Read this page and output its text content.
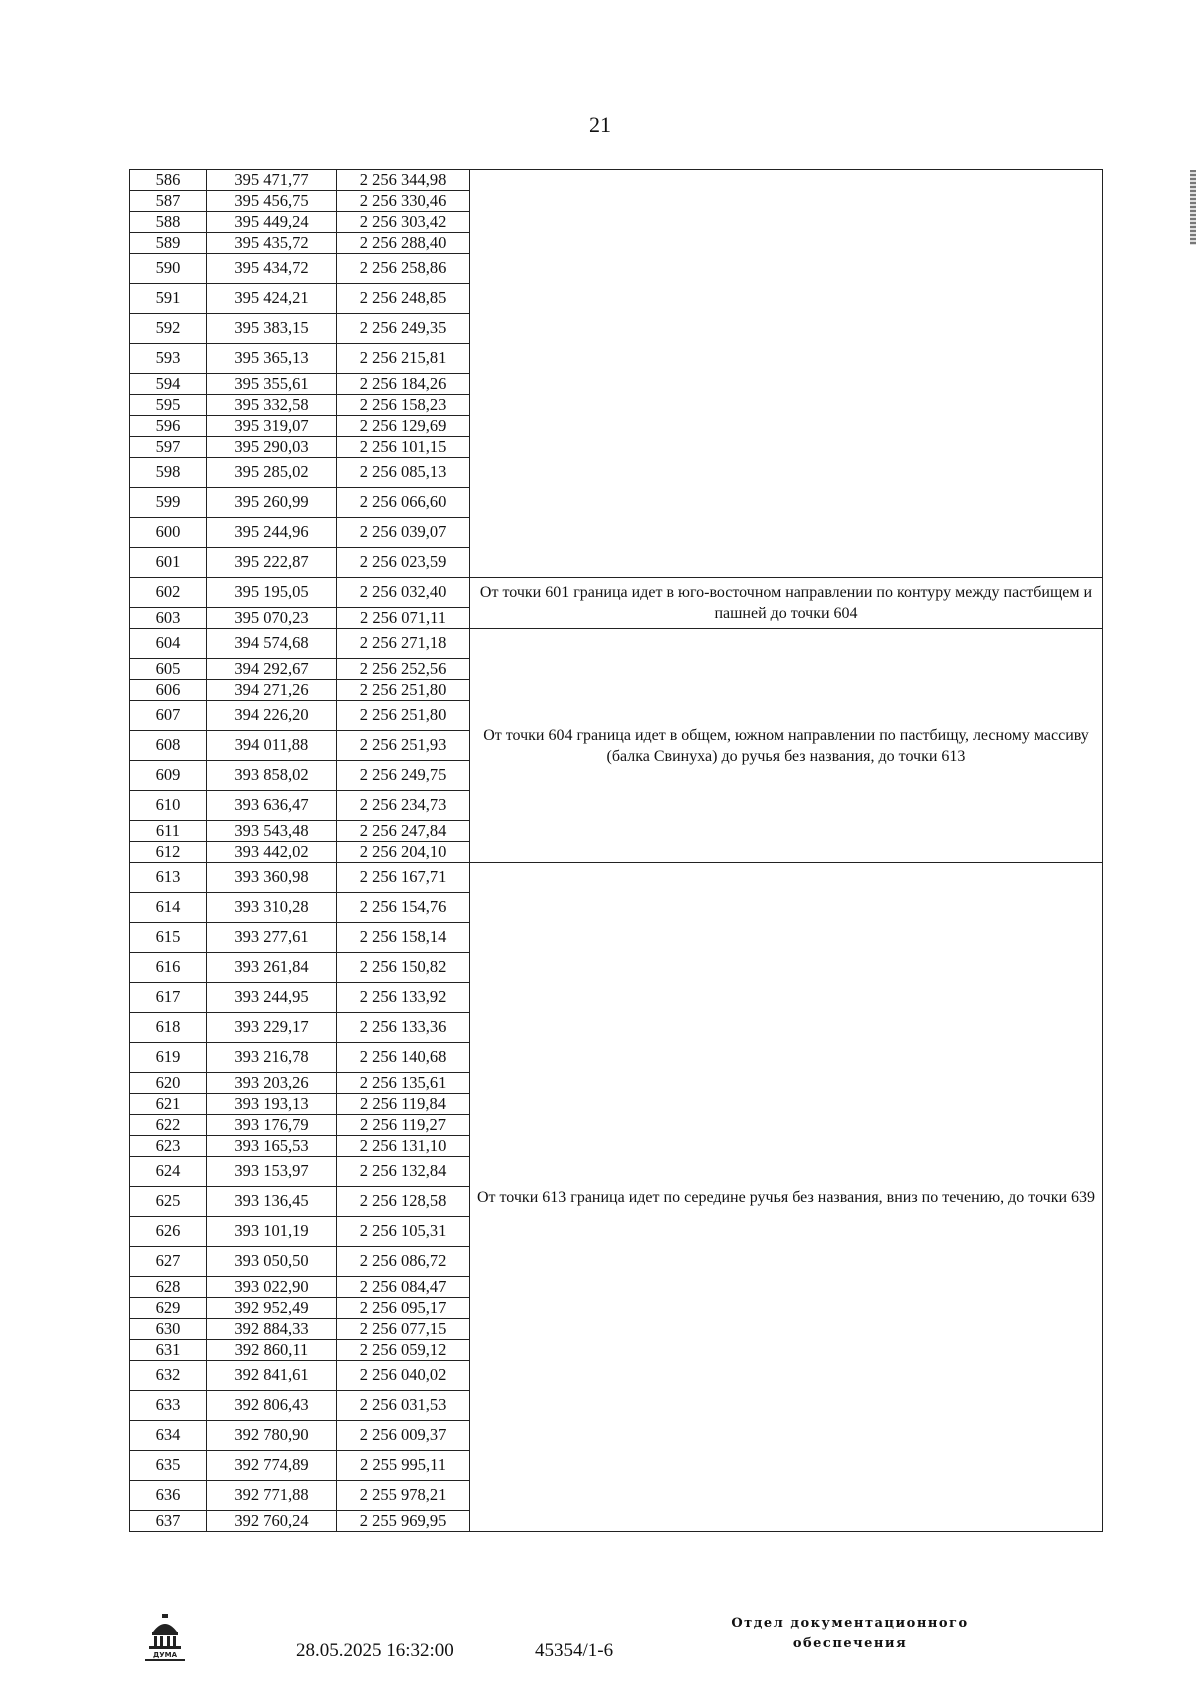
21
586	395 471,77	2 256 344,98	
587	395 456,75	2 256 330,46	
588	395 449,24	2 256 303,42	
589	395 435,72	2 256 288,40	
590	395 434,72	2 256 258,86	
591	395 424,21	2 256 248,85	
592	395 383,15	2 256 249,35	
593	395 365,13	2 256 215,81	
594	395 355,61	2 256 184,26	
595	395 332,58	2 256 158,23	
596	395 319,07	2 256 129,69	
597	395 290,03	2 256 101,15	
598	395 285,02	2 256 085,13	
599	395 260,99	2 256 066,60	
600	395 244,96	2 256 039,07	
601	395 222,87	2 256 023,59	
602	395 195,05	2 256 032,40	От точки 601 граница идет в юго-восточном направлении по контуру между пастбищем и пашней до точки 604
603	395 070,23	2 256 071,11	
604	394 574,68	2 256 271,18	От точки 604 граница идет в общем, южном направлении по пастбищу, лесному массиву (балка Свинуха) до ручья без названия, до точки 613
605	394 292,67	2 256 252,56	
606	394 271,26	2 256 251,80	
607	394 226,20	2 256 251,80	
608	394 011,88	2 256 251,93	
609	393 858,02	2 256 249,75	
610	393 636,47	2 256 234,73	
611	393 543,48	2 256 247,84	
612	393 442,02	2 256 204,10	
613	393 360,98	2 256 167,71	От точки 613 граница идет по середине ручья без названия, вниз по течению, до точки 639
614	393 310,28	2 256 154,76	
615	393 277,61	2 256 158,14	
616	393 261,84	2 256 150,82	
617	393 244,95	2 256 133,92	
618	393 229,17	2 256 133,36	
619	393 216,78	2 256 140,68	
620	393 203,26	2 256 135,61	
621	393 193,13	2 256 119,84	
622	393 176,79	2 256 119,27	
623	393 165,53	2 256 131,10	
624	393 153,97	2 256 132,84	
625	393 136,45	2 256 128,58	
626	393 101,19	2 256 105,31	
627	393 050,50	2 256 086,72	
628	393 022,90	2 256 084,47	
629	392 952,49	2 256 095,17	
630	392 884,33	2 256 077,15	
631	392 860,11	2 256 059,12	
632	392 841,61	2 256 040,02	
633	392 806,43	2 256 031,53	
634	392 780,90	2 256 009,37	
635	392 774,89	2 255 995,11	
636	392 771,88	2 255 978,21	
637	392 760,24	2 255 969,95	
ДУМА	28.05.2025 16:32:00	45354/1-6
Отдел документационного
обеспечения
